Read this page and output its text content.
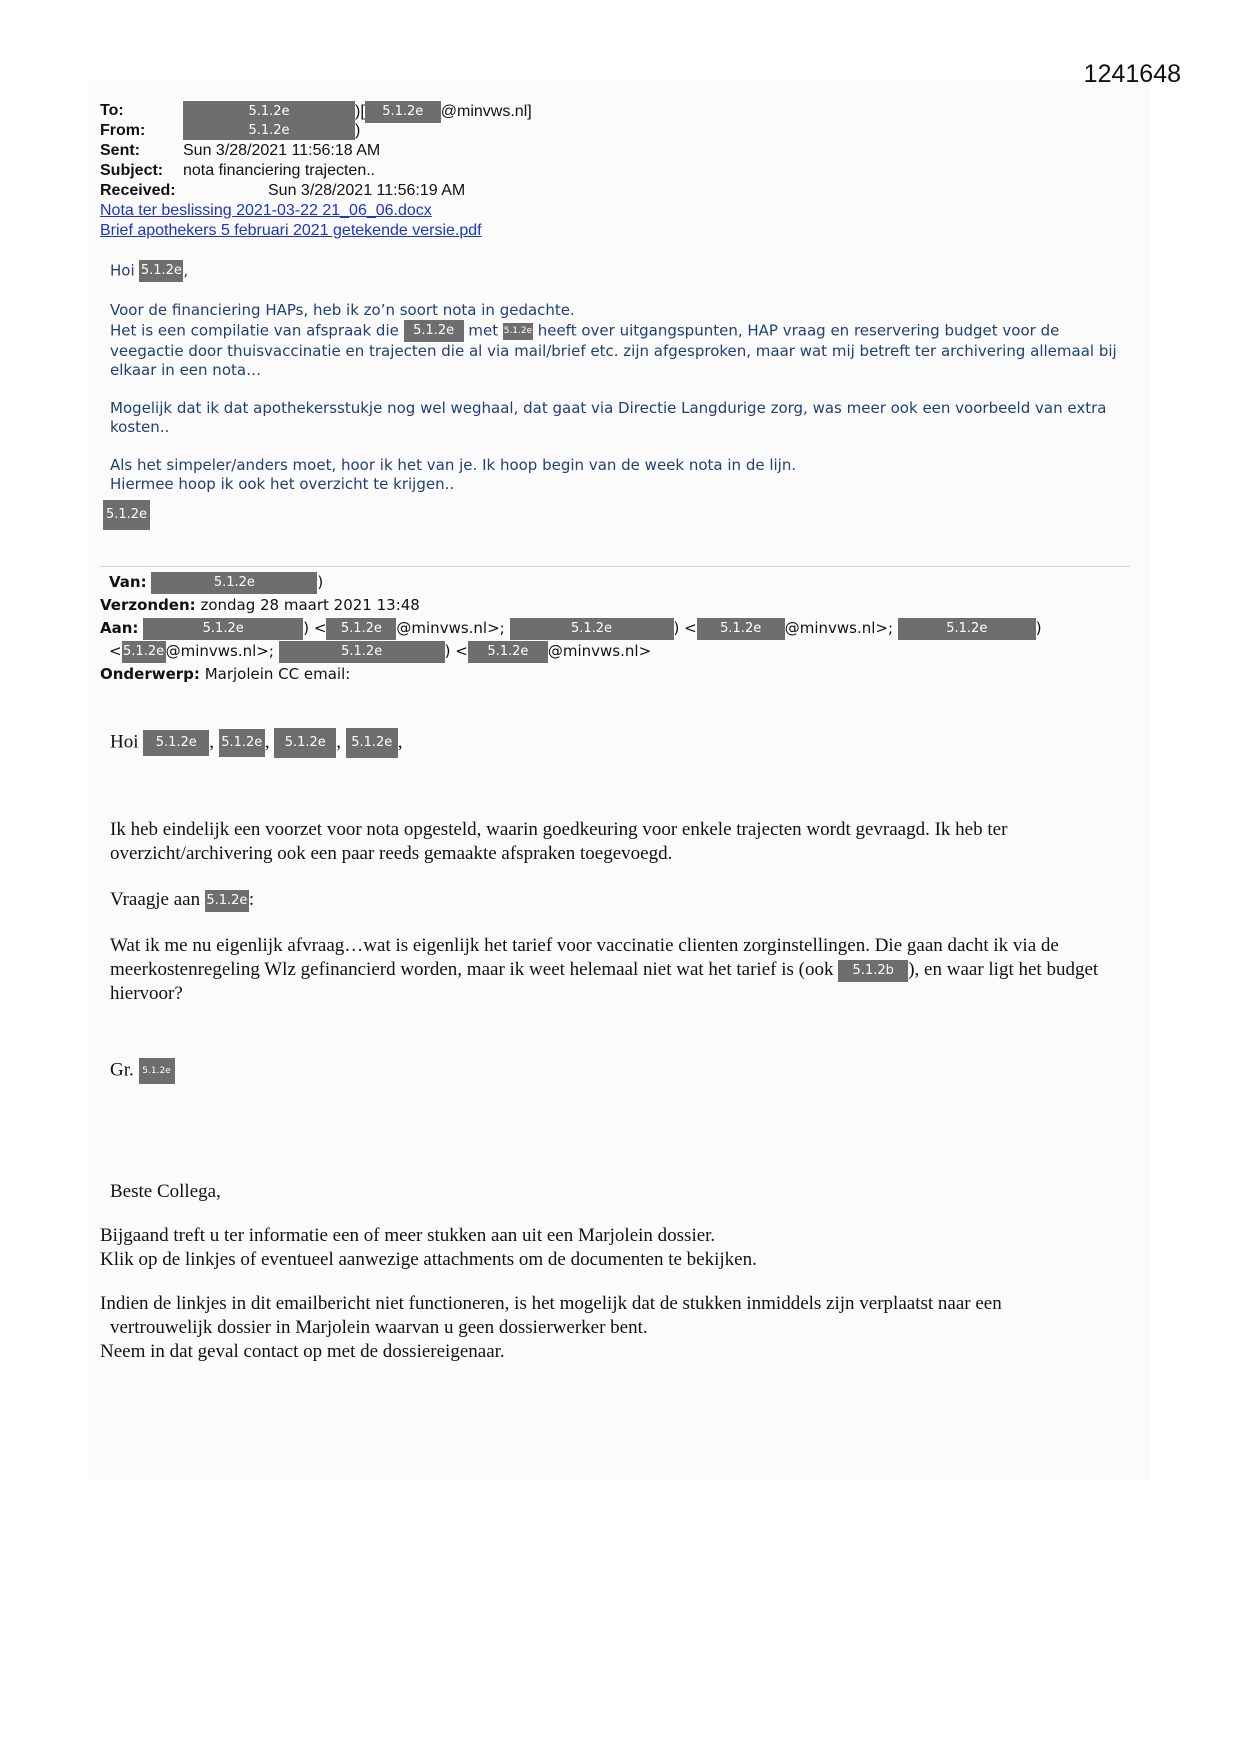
1241648
To:	5.1.2e	)[ 5.1.2e @minvws.nl]
From:	5.1.2e	)
Sent:	Sun 3/28/2021 11:56:18 AM
Subject: nota financiering trajecten..
Received:	Sun 3/28/2021 11:56:19 AM
Nota ter beslissing 2021-03-22 21_06_06.docx
Brief apothekers 5 februari 2021 getekende versie.pdf

Hoi 5.1.2e,

Voor de financiering HAPs, heb ik zo’n soort nota in gedachte.
Het is een compilatie van afspraak die 5.1.2e met 5.1.2e heeft over uitgangspunten, HAP vraag en reservering budget voor de veegactie door thuisvaccinatie en trajecten die al via mail/brief etc. zijn afgesproken, maar wat mij betreft ter archivering allemaal bij elkaar in een nota…

Mogelijk dat ik dat apothekersstukje nog wel weghaal, dat gaat via Directie Langdurige zorg, was meer ook een voorbeeld van extra kosten..

Als het simpeler/anders moet, hoor ik het van je. Ik hoop begin van de week nota in de lijn.
Hiermee hoop ik ook het overzicht te krijgen..

5.1.2e
Van:	5.1.2e	)
Verzonden: zondag 28 maart 2021 13:48
Aan:	5.1.2e	) < 5.1.2e @minvws.nl>;	5.1.2e	) < 5.1.2e @minvws.nl>;	5.1.2e	)
<5.1.2e@minvws.nl>;	5.1.2e	) < 5.1.2e @minvws.nl>
Onderwerp: Marjolein CC email:
Hoi 5.1.2e , 5.1.2e , 5.1.2e , 5.1.2e ,

Ik heb eindelijk een voorzet voor nota opgesteld, waarin goedkeuring voor enkele trajecten wordt gevraagd. Ik heb ter overzicht/archivering ook een paar reeds gemaakte afspraken toegevoegd.

Vraagje aan 5.1.2e:

Wat ik me nu eigenlijk afvraag…wat is eigenlijk het tarief voor vaccinatie clienten zorginstellingen. Die gaan dacht ik via de meerkostenregeling Wlz gefinancierd worden, maar ik weet helemaal niet wat het tarief is (ook 5.1.2b ), en waar ligt het budget hiervoor?

Gr. 5.1.2e
Beste Collega,
Bijgaand treft u ter informatie een of meer stukken aan uit een Marjolein dossier.
Klik op de linkjes of eventueel aanwezige attachments om de documenten te bekijken.
Indien de linkjes in dit emailbericht niet functioneren, is het mogelijk dat de stukken inmiddels zijn verplaatst naar een
vertrouwelijk dossier in Marjolein waarvan u geen dossierwerker bent.
Neem in dat geval contact op met de dossiereigenaar.
